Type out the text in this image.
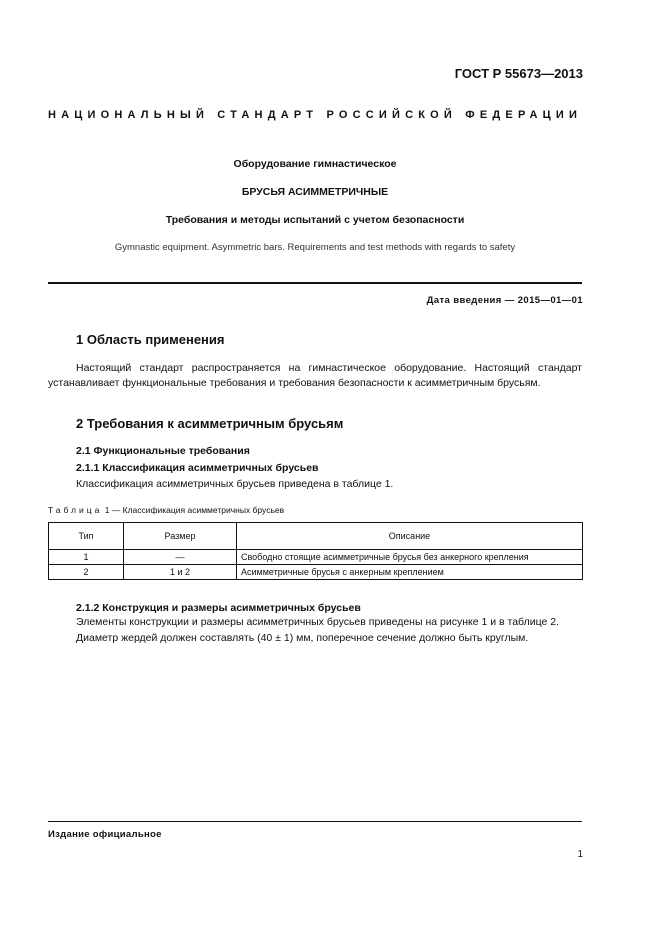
ГОСТ Р 55673—2013
НАЦИОНАЛЬНЫЙ СТАНДАРТ РОССИЙСКОЙ ФЕДЕРАЦИИ
Оборудование гимнастическое
БРУСЬЯ АСИММЕТРИЧНЫЕ
Требования и методы испытаний с учетом безопасности
Gymnastic equipment. Asymmetric bars. Requirements and test methods with regards to safety
Дата введения — 2015—01—01
1 Область применения
Настоящий стандарт распространяется на гимнастическое оборудование. Настоящий стандарт устанавливает функциональные требования и требования безопасности к асимметричным брусьям.
2 Требования к асимметричным брусьям
2.1 Функциональные требования
2.1.1 Классификация асимметричных брусьев
Классификация асимметричных брусьев приведена в таблице 1.
Таблица 1 — Классификация асимметричных брусьев
Тип	Размер	Описание
1	—	Свободно стоящие асимметричные брусья без анкерного крепления
2	1 и 2	Асимметричные брусья с анкерным креплением
2.1.2 Конструкция и размеры асимметричных брусьев
Элементы конструкции и размеры асимметричных брусьев приведены на рисунке 1 и в таблице 2.
Диаметр жердей должен составлять (40 ± 1) мм, поперечное сечение должно быть круглым.
Издание официальное
1
